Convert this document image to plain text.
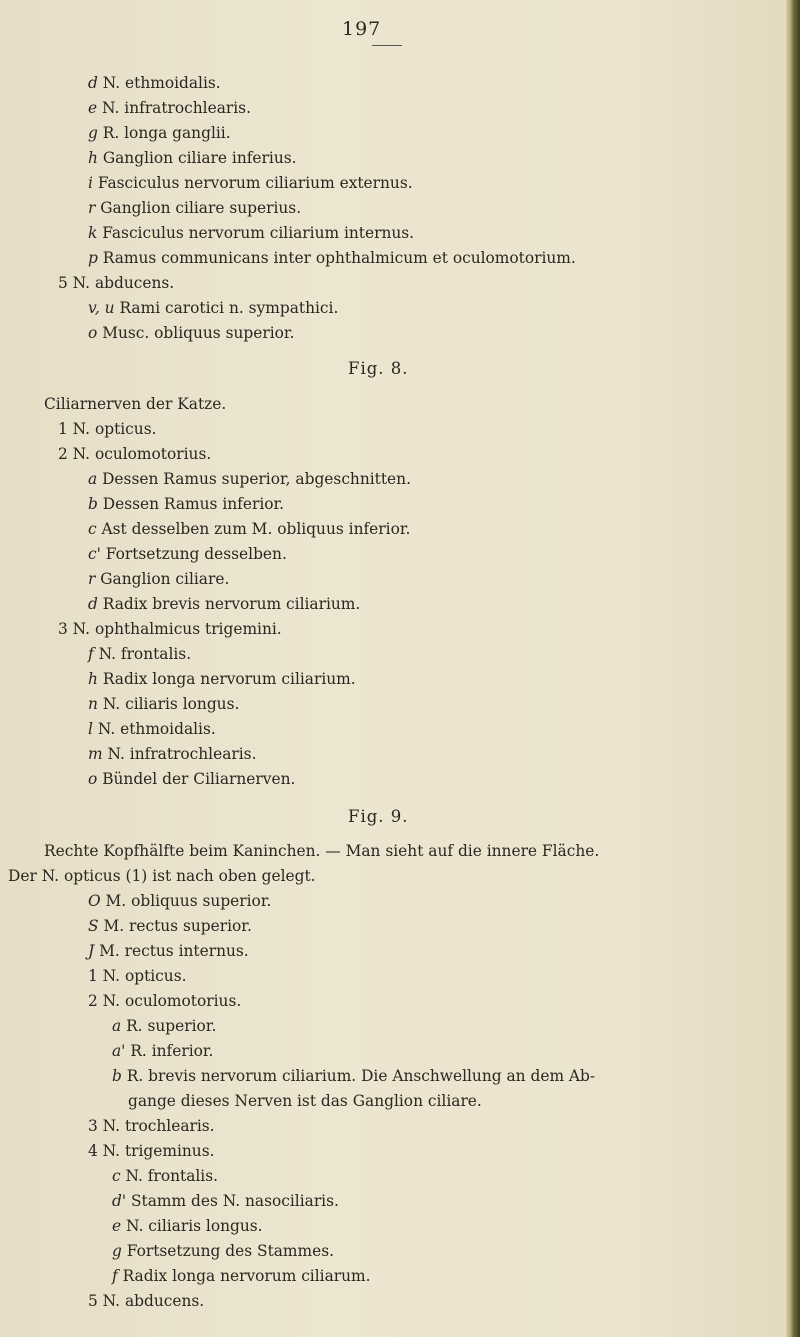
197
d N. ethmoidalis.
e N. infratrochlearis.
g R. longa ganglii.
h Ganglion ciliare inferius.
i Fasciculus nervorum ciliarium externus.
r Ganglion ciliare superius.
k Fasciculus nervorum ciliarium internus.
p Ramus communicans inter ophthalmicum et oculomotorium.
5 N. abducens.
v, u Rami carotici n. sympathici.
o Musc. obliquus superior.
Fig. 8.
Ciliarnerven der Katze.
1 N. opticus.
2 N. oculomotorius.
a Dessen Ramus superior, abgeschnitten.
b Dessen Ramus inferior.
c Ast desselben zum M. obliquus inferior.
c' Fortsetzung desselben.
r Ganglion ciliare.
d Radix brevis nervorum ciliarium.
3 N. ophthalmicus trigemini.
f N. frontalis.
h Radix longa nervorum ciliarium.
n N. ciliaris longus.
l N. ethmoidalis.
m N. infratrochlearis.
o Bündel der Ciliarnerven.
Fig. 9.
Rechte Kopfhälfte beim Kaninchen. — Man sieht auf die innere Fläche.
Der N. opticus (1) ist nach oben gelegt.
O M. obliquus superior.
S M. rectus superior.
J M. rectus internus.
1 N. opticus.
2 N. oculomotorius.
a R. superior.
a' R. inferior.
b R. brevis nervorum ciliarium. Die Anschwellung an dem Ab-
gange dieses Nerven ist das Ganglion ciliare.
3 N. trochlearis.
4 N. trigeminus.
c N. frontalis.
d' Stamm des N. nasociliaris.
e N. ciliaris longus.
g Fortsetzung des Stammes.
f Radix longa nervorum ciliarum.
5 N. abducens.
